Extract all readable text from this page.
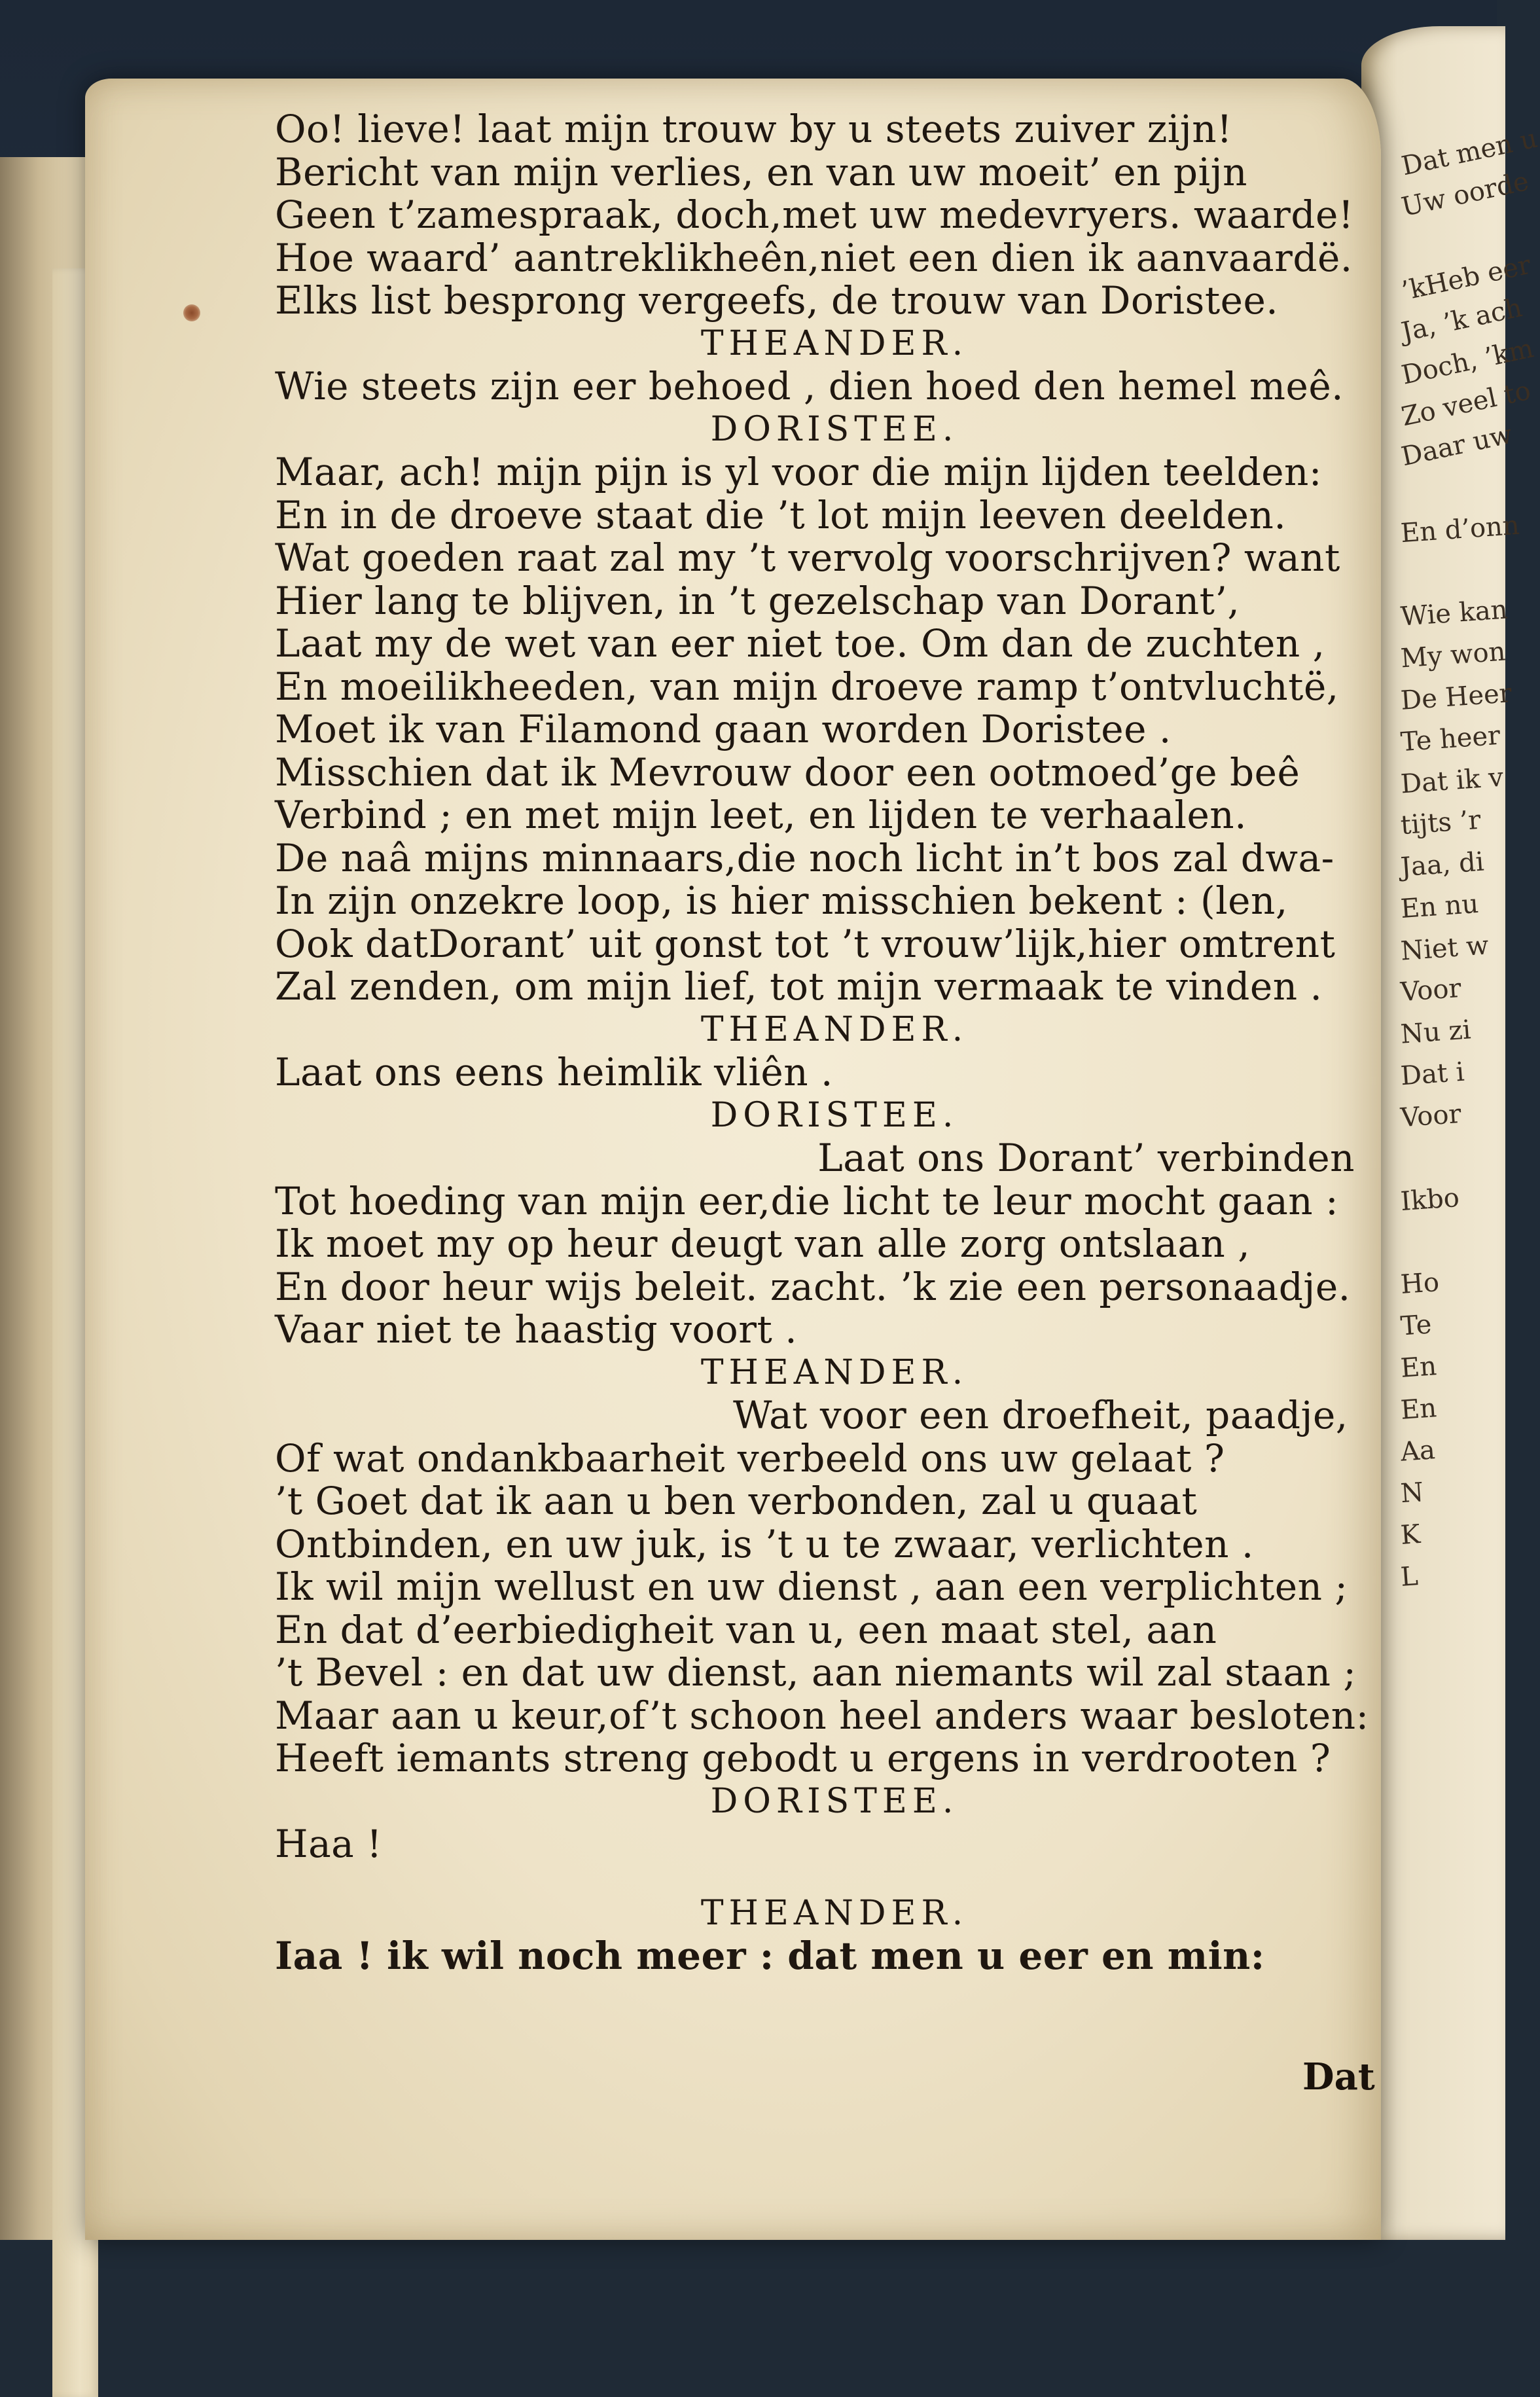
Dat men u
Uw oorde
’kHeb eer
Ja, ’k ach
Doch, ’km
Zo veel to
Daar uw
En d’onn
Wie kan
My won
De Heer
Te heer
Dat ik v
tijts ’r
Jaa, di
En nu
Niet w
Voor
Nu zi
Dat i
Voor
Ikbo
Ho
Te
En
En
Aa
N
K
L
Oo! lieve! laat mijn trouw by u steets zuiver zijn!
Bericht van mijn verlies, en van uw moeit’ en pijn
Geen t’zamespraak, doch,met uw medevryers. waarde!
Hoe waard’ aantreklikheên,niet een dien ik aanvaardë.
Elks list besprong vergeefs, de trouw van Doristee.
THEANDER.
Wie steets zijn eer behoed , dien hoed den hemel meê.
DORISTEE.
Maar, ach! mijn pijn is yl voor die mijn lijden teelden:
En in de droeve staat die ’t lot mijn leeven deelden.
Wat goeden raat zal my ’t vervolg voorschrijven? want
Hier lang te blijven, in ’t gezelschap van Dorant’,
Laat my de wet van eer niet toe. Om dan de zuchten ,
En moeilikheeden, van mijn droeve ramp t’ontvluchtë,
Moet ik van Filamond gaan worden Doristee .
Misschien dat ik Mevrouw door een ootmoed’ge beê
Verbind ; en met mijn leet, en lijden te verhaalen.
De naâ mijns minnaars,die noch licht in’t bos zal dwa-
In zijn onzekre loop, is hier misschien bekent : (len,
Ook datDorant’ uit gonst tot ’t vrouw’lijk,hier omtrent
Zal zenden, om mijn lief, tot mijn vermaak te vinden .
THEANDER.
Laat ons eens heimlik vliên .
DORISTEE.
Laat ons Dorant’ verbinden
Tot hoeding van mijn eer,die licht te leur mocht gaan :
Ik moet my op heur deugt van alle zorg ontslaan ,
En door heur wijs beleit. zacht. ’k zie een personaadje.
Vaar niet te haastig voort .
THEANDER.
Wat voor een droefheit, paadje,
Of wat ondankbaarheit verbeeld ons uw gelaat ?
’t Goet dat ik aan u ben verbonden, zal u quaat
Ontbinden, en uw juk, is ’t u te zwaar, verlichten .
Ik wil mijn wellust en uw dienst , aan een verplichten ;
En dat d’eerbiedigheit van u, een maat stel, aan
’t Bevel : en dat uw dienst, aan niemants wil zal staan ;
Maar aan u keur,of’t schoon heel anders waar besloten:
Heeft iemants streng gebodt u ergens in verdrooten ?
DORISTEE.
Haa !
THEANDER.
Iaa ! ik wil noch meer : dat men u eer en min:
Dat
